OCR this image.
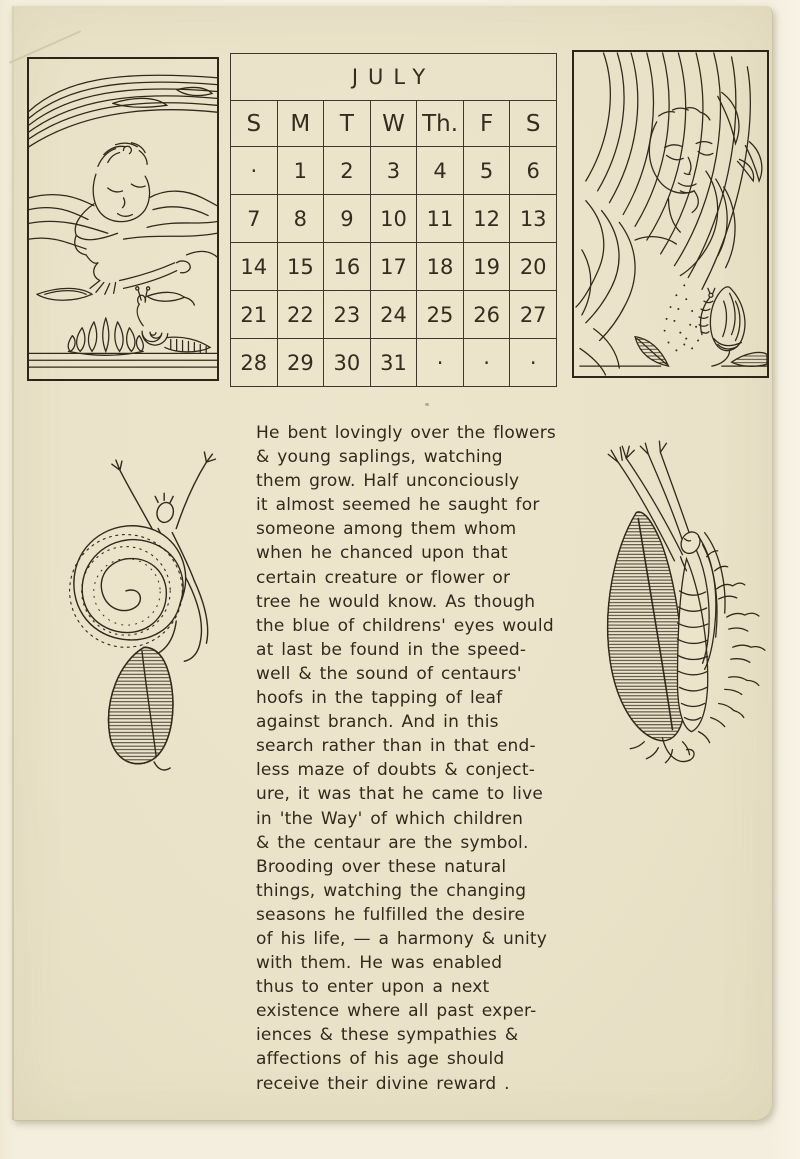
JULY						
S	M	T	W	Th.	F	S
·	1	2	3	4	5	6
7	8	9	10	11	12	13
14	15	16	17	18	19	20
21	22	23	24	25	26	27
28	29	30	31	·	·	·
He bent lovingly over the flowers
& young saplings, watching
them grow. Half unconciously
it almost seemed he saught for
someone among them whom
when he chanced upon that
certain creature or flower or
tree he would know. As though
the blue of childrens' eyes would
at last be found in the speed-
well & the sound of centaurs'
hoofs in the tapping of leaf
against branch. And in this
search rather than in that end-
less maze of doubts & conject-
ure, it was that he came to live
in 'the Way' of which children
& the centaur are the symbol.
Brooding over these natural
things, watching the changing
seasons he fulfilled the desire
of his life, — a harmony & unity
with them. He was enabled
thus to enter upon a next
existence where all past exper-
iences & these sympathies &
affections of his age should
receive their divine reward .
